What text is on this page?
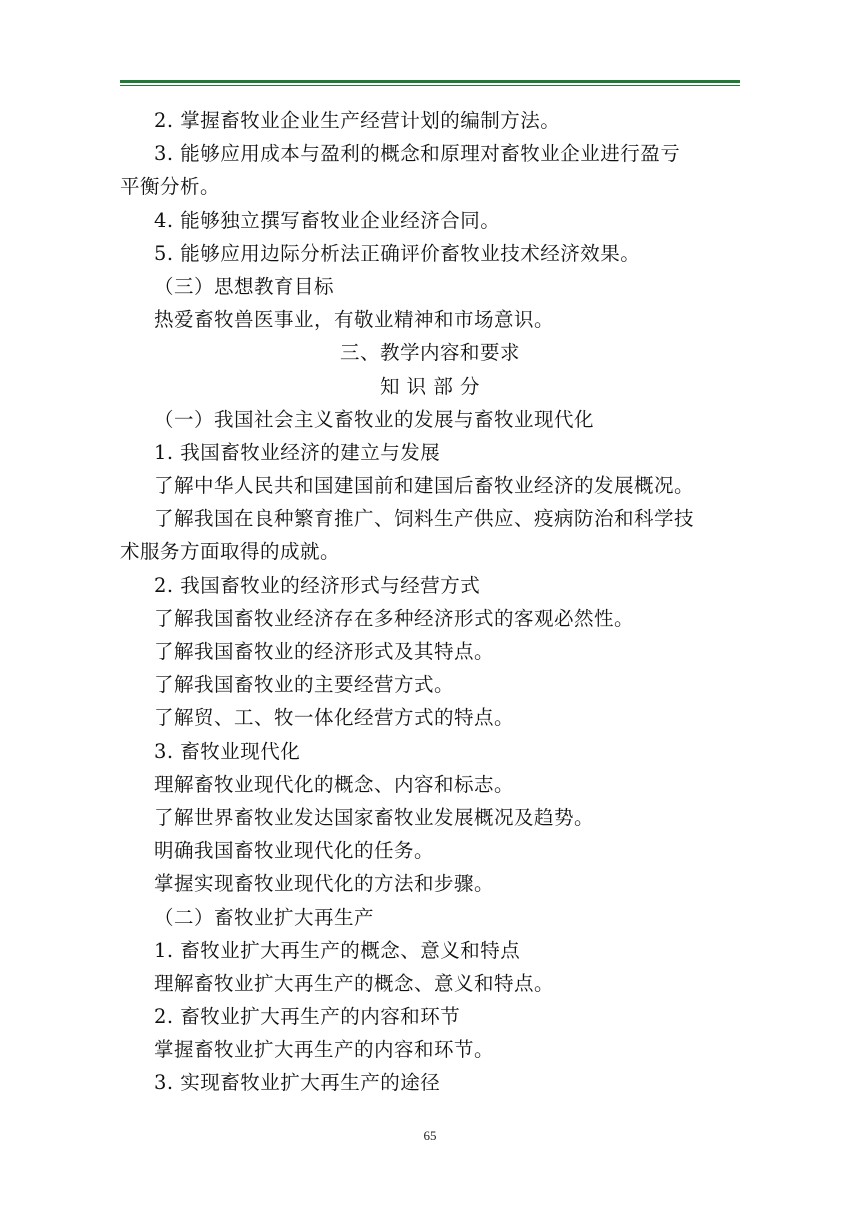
2. 掌握畜牧业企业生产经营计划的编制方法。
3. 能够应用成本与盈利的概念和原理对畜牧业企业进行盈亏
平衡分析。
4. 能够独立撰写畜牧业企业经济合同。
5. 能够应用边际分析法正确评价畜牧业技术经济效果。
（三）思想教育目标
热爱畜牧兽医事业，有敬业精神和市场意识。
三、教学内容和要求
知 识 部 分
（一）我国社会主义畜牧业的发展与畜牧业现代化
1. 我国畜牧业经济的建立与发展
了解中华人民共和国建国前和建国后畜牧业经济的发展概况。
了解我国在良种繁育推广、饲料生产供应、疫病防治和科学技
术服务方面取得的成就。
2. 我国畜牧业的经济形式与经营方式
了解我国畜牧业经济存在多种经济形式的客观必然性。
了解我国畜牧业的经济形式及其特点。
了解我国畜牧业的主要经营方式。
了解贸、工、牧一体化经营方式的特点。
3. 畜牧业现代化
理解畜牧业现代化的概念、内容和标志。
了解世界畜牧业发达国家畜牧业发展概况及趋势。
明确我国畜牧业现代化的任务。
掌握实现畜牧业现代化的方法和步骤。
（二）畜牧业扩大再生产
1. 畜牧业扩大再生产的概念、意义和特点
理解畜牧业扩大再生产的概念、意义和特点。
2. 畜牧业扩大再生产的内容和环节
掌握畜牧业扩大再生产的内容和环节。
3. 实现畜牧业扩大再生产的途径
65
